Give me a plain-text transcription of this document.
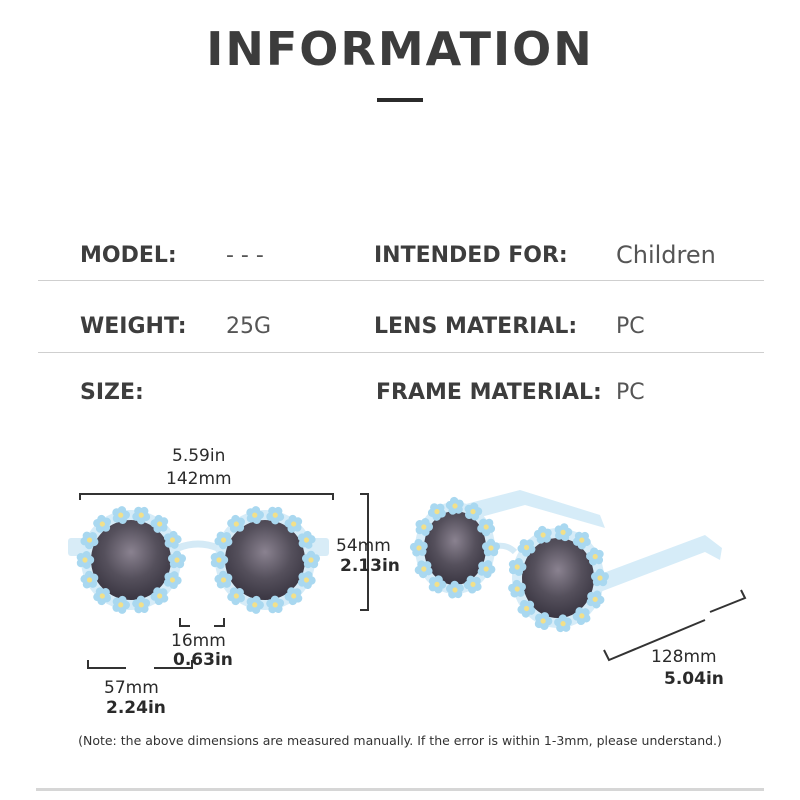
INFORMATION
MODEL: - - -	INTENDED FOR: Children
WEIGHT: 25G	LENS MATERIAL: PC
SIZE:	FRAME MATERIAL: PC
5.59in
142mm
54mm
2.13in
16mm
0.63in
57mm
2.24in
128mm
5.04in
(Note: the above dimensions are measured manually. If the error is within 1-3mm, please understand.)
